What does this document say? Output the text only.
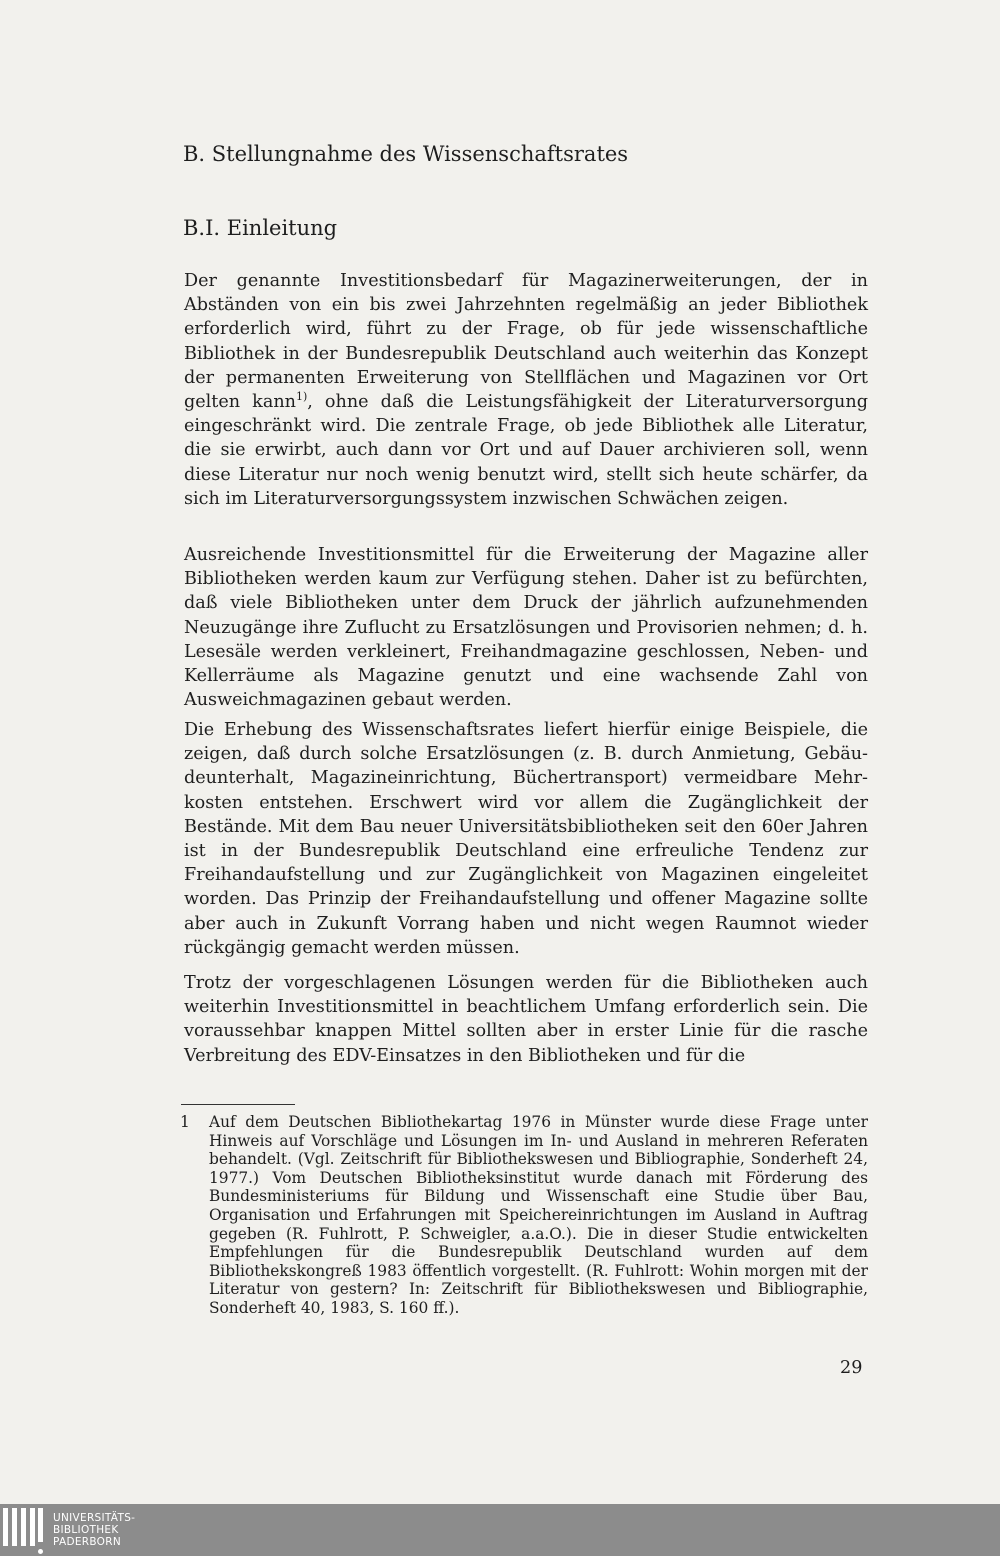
B. Stellungnahme des Wissenschaftsrates
B.I. Einleitung

Der genannte Investitionsbedarf für Magazinerweiterungen, der in Abständen von ein bis zwei Jahrzehnten regelmäßig an jeder Bibliothek erforderlich wird, führt zu der Frage, ob für jede wissenschaftliche Bibliothek in der Bundesrepublik Deutschland auch weiterhin das Konzept der permanenten Erweiterung von Stellflächen und Magazinen vor Ort gelten kann$^{1)}$, ohne daß die Leistungsfähigkeit der Literaturversorgung eingeschränkt wird. Die zentrale Frage, ob jede Bibliothek alle Literatur, die sie erwirbt, auch dann vor Ort und auf Dauer archivieren soll, wenn diese Literatur nur noch wenig benutzt wird, stellt sich heute schärfer, da sich im Literaturversorgungssystem inzwischen Schwächen zeigen.

Ausreichende Investitionsmittel für die Erweiterung der Magazine aller Bibliotheken werden kaum zur Verfügung stehen. Daher ist zu befürchten, daß viele Bibliotheken unter dem Druck der jährlich aufzunehmenden Neuzugänge ihre Zuflucht zu Ersatzlösungen und Provisorien nehmen; d. h. Lesesäle werden verkleinert, Freihandmagazine geschlossen, Neben- und Kellerräume als Magazine genutzt und eine wachsende Zahl von Ausweichmagazinen gebaut werden.

Die Erhebung des Wissenschaftsrates liefert hierfür einige Beispiele, die zeigen, daß durch solche Ersatzlösungen (z. B. durch Anmietung, Gebäudeunterhalt, Magazineinrichtung, Büchertransport) vermeidbare Mehrkosten entstehen. Erschwert wird vor allem die Zugänglichkeit der Bestände. Mit dem Bau neuer Universitätsbibliotheken seit den 60er Jahren ist in der Bundesrepublik Deutschland eine erfreuliche Tendenz zur Freihandaufstellung und zur Zugänglichkeit von Magazinen eingeleitet worden. Das Prinzip der Freihandaufstellung und offener Magazine sollte aber auch in Zukunft Vorrang haben und nicht wegen Raumnot wieder rückgängig gemacht werden müssen.

Trotz der vorgeschlagenen Lösungen werden für die Bibliotheken auch weiterhin Investitionsmittel in beachtlichem Umfang erforderlich sein. Die voraussehbar knappen Mittel sollten aber in erster Linie für die rasche Verbreitung des EDV-Einsatzes in den Bibliotheken und für die

1 Auf dem Deutschen Bibliothekartag 1976 in Münster wurde diese Frage unter Hinweis auf Vorschläge und Lösungen im In- und Ausland in mehreren Referaten behandelt. (Vgl. Zeitschrift für Bibliothekswesen und Bibliographie, Sonderheft 24, 1977.) Vom Deutschen Bibliotheksinstitut wurde danach mit Förderung des Bundesministeriums für Bildung und Wissenschaft eine Studie über Bau, Organisation und Erfahrungen mit Speichereinrichtungen im Ausland in Auftrag gegeben (R. Fuhlrott, P. Schweigler, a.a.O.). Die in dieser Studie entwickelten Empfehlungen für die Bundesrepublik Deutschland wurden auf dem Bibliothekskongreß 1983 öffentlich vorgestellt. (R. Fuhlrott: Wohin morgen mit der Literatur von gestern? In: Zeitschrift für Bibliothekswesen und Bibliographie, Sonderheft 40, 1983, S. 160 ff.).

29

UNIVERSITÄTS-
BIBLIOTHEK
PADERBORN
